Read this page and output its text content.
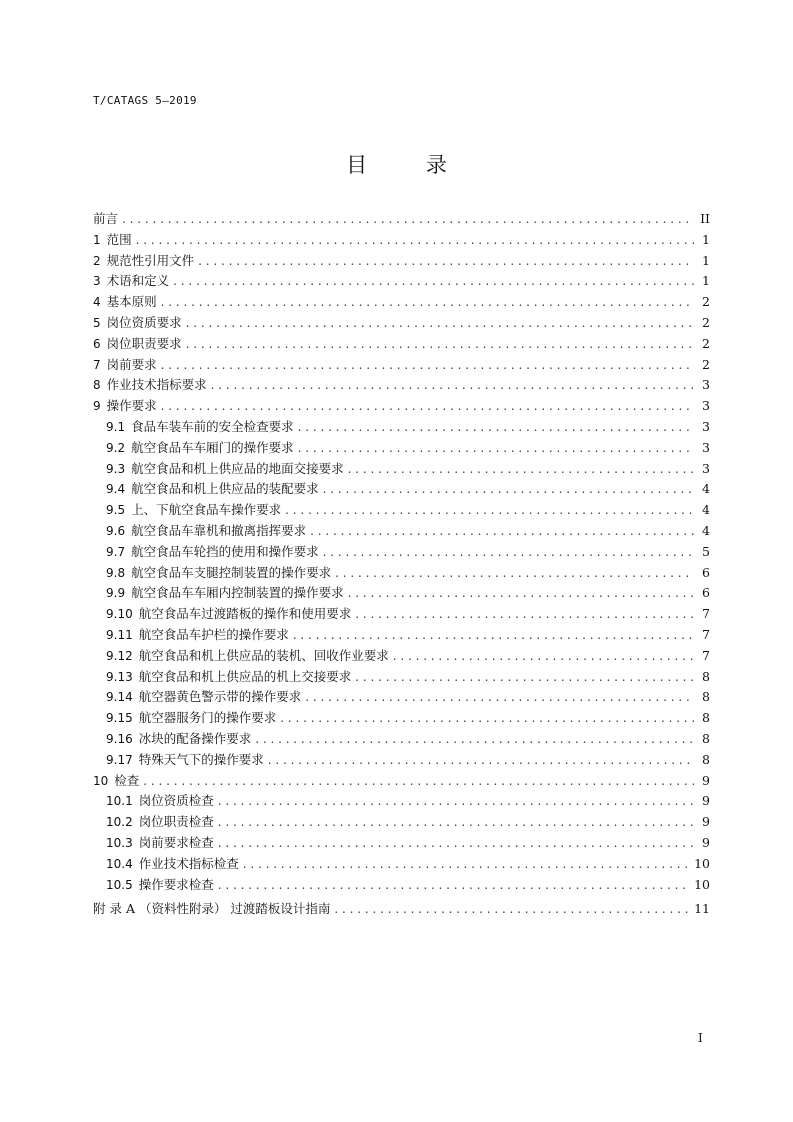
T/CATAGS 5—2019
目 录
前言 .....	II
1 范围 .....	1
2 规范性引用文件 .....	1
3 术语和定义 .....	1
4 基本原则 .....	2
5 岗位资质要求 .....	2
6 岗位职责要求 .....	2
7 岗前要求 .....	2
8 作业技术指标要求 .....	3
9 操作要求 .....	3
9.1 食品车装车前的安全检查要求 .....	3
9.2 航空食品车车厢门的操作要求 .....	3
9.3 航空食品和机上供应品的地面交接要求 .....	3
9.4 航空食品和机上供应品的装配要求 .....	4
9.5 上、下航空食品车操作要求 .....	4
9.6 航空食品车靠机和撤离指挥要求 .....	4
9.7 航空食品车轮挡的使用和操作要求 .....	5
9.8 航空食品车支腿控制装置的操作要求 .....	6
9.9 航空食品车车厢内控制装置的操作要求 .....	6
9.10 航空食品车过渡踏板的操作和使用要求 .....	7
9.11 航空食品车护栏的操作要求 .....	7
9.12 航空食品和机上供应品的装机、回收作业要求 .....	7
9.13 航空食品和机上供应品的机上交接要求 .....	8
9.14 航空器黄色警示带的操作要求 .....	8
9.15 航空器服务门的操作要求 .....	8
9.16 冰块的配备操作要求 .....	8
9.17 特殊天气下的操作要求 .....	8
10 检查 .....	9
10.1 岗位资质检查 .....	9
10.2 岗位职责检查 .....	9
10.3 岗前要求检查 .....	9
10.4 作业技术指标检查 .....	10
10.5 操作要求检查 .....	10
附 录 A （资料性附录） 过渡踏板设计指南 .....	11
I
